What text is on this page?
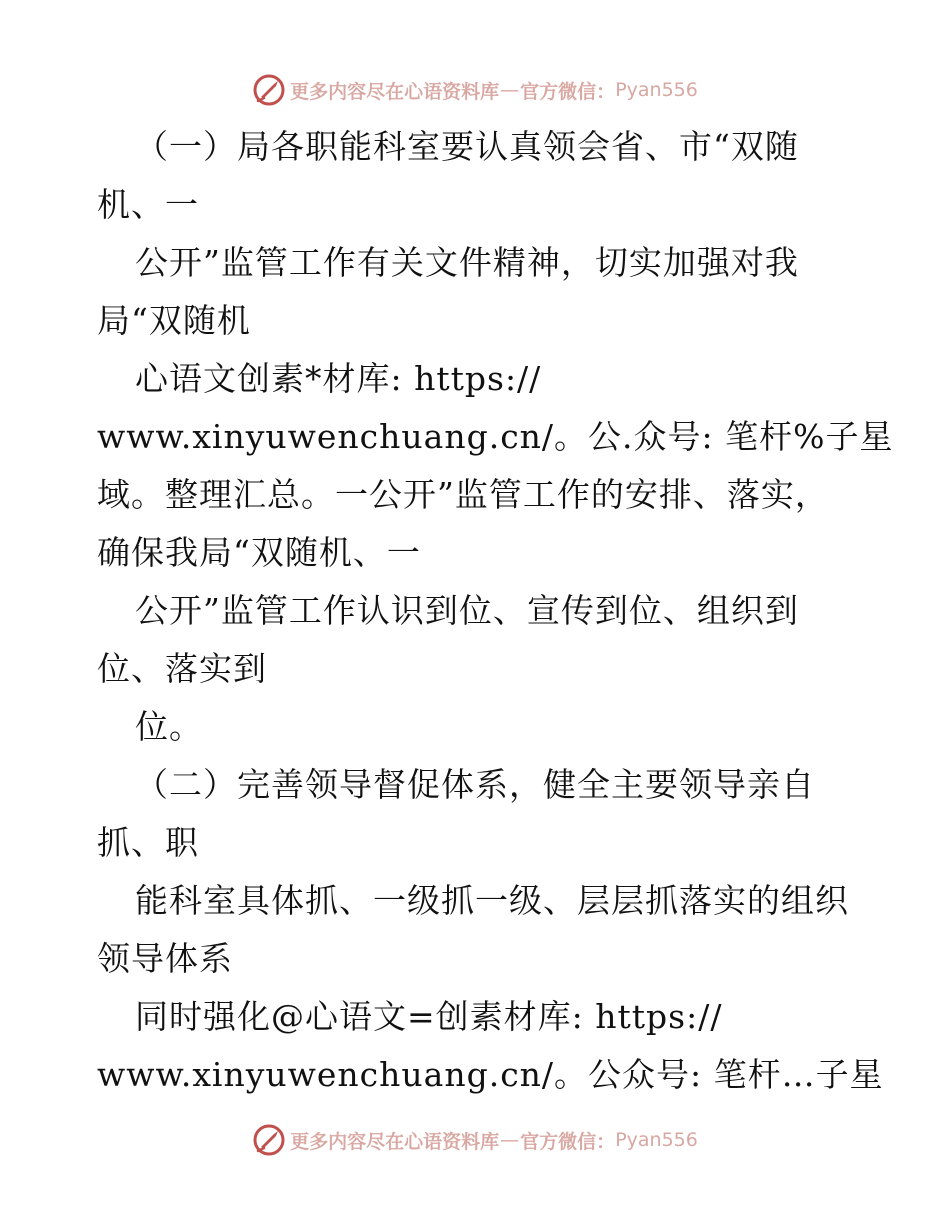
更多内容尽在心语资料库 — 官方微信： Pyan556
（一）局各职能科室要认真领会省、市“双随
机、一
公开”监管工作有关文件精神，切实加强对我
局“双随机
心语文创素*材库: https://
www.xinyuwenchuang.cn/。公.众号: 笔杆%子星
域。整理汇总。一公开”监管工作的安排、落实，
确保我局“双随机、一
公开”监管工作认识到位、宣传到位、组织到
位、落实到
位。
（二）完善领导督促体系，健全主要领导亲自
抓、职
能科室具体抓、一级抓一级、层层抓落实的组织
领导体系
同时强化@心语文=创素材库: https://
www.xinyuwenchuang.cn/。公众号: 笔杆…子星
更多内容尽在心语资料库 — 官方微信： Pyan556
